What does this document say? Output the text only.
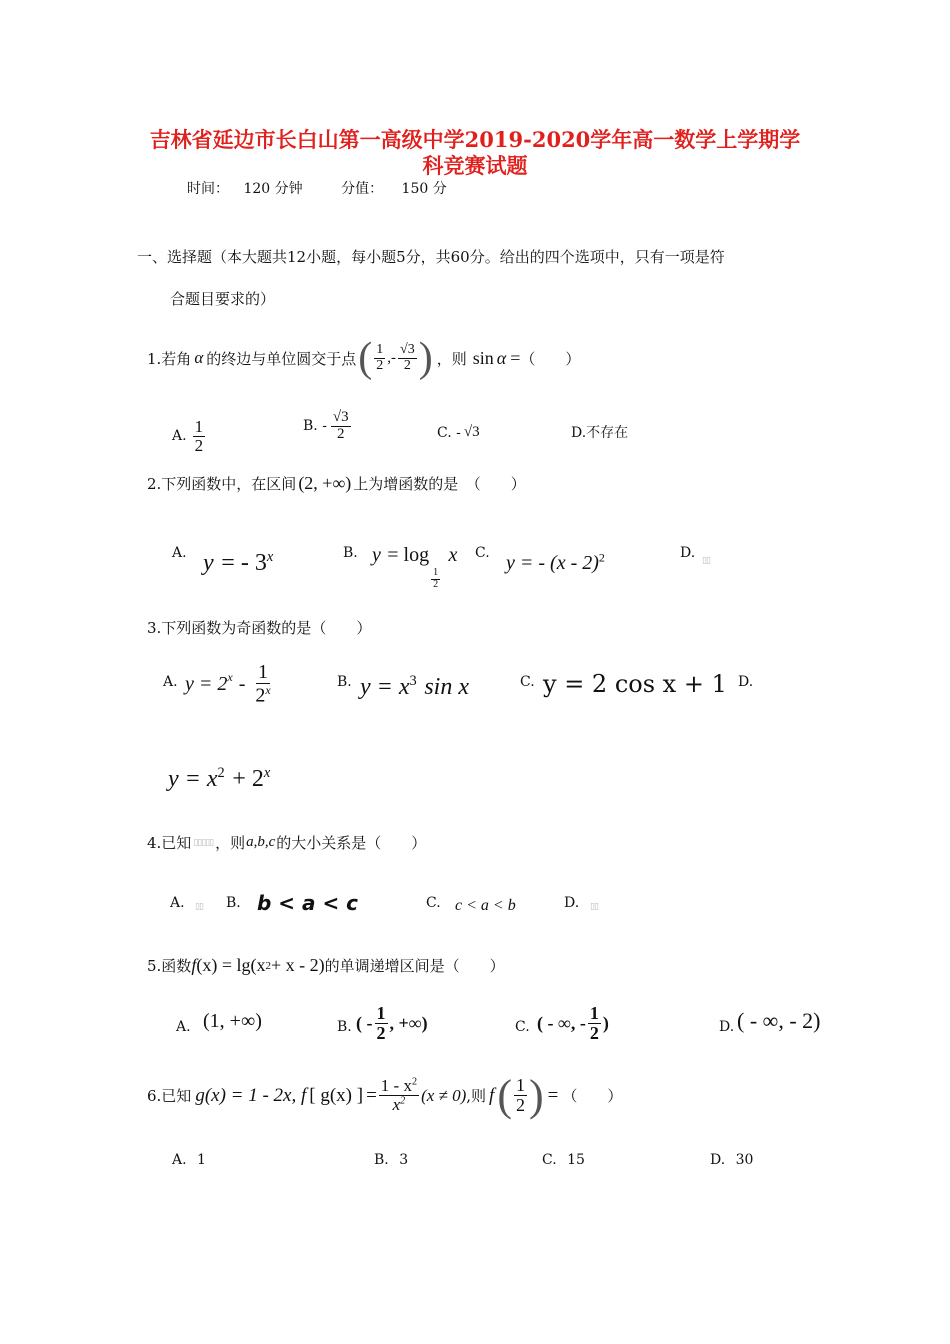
吉林省延边市长白山第一高级中学2019-2020学年高一数学上学期学
科竞赛试题
时间： 120 分钟	分值： 150 分
一、选择题（本大题共12小题，每小题5分，共60分。给出的四个选项中，只有一项是符
合题目要求的）
1.若角 α 的终边与单位圆交于点 ( $\frac{1}{2}$ , - $\frac{√3}{2}$ ) ，则 sin α = （　　）
A. $\frac{1}{2}$	B. - $\frac{√3}{2}$	C. - √3	D.不存在
2.下列函数中，在区间 (2, +∞) 上为增函数的是　（　　）
A. y = - 3$^x$	B. y = log
$\frac{1}{2}$
x C. y = - (x - 2)$^2$	D. ▯▯
3.下列函数为奇函数的是（　　）
A. y = 2 x - $\frac{1}{2^x}$	B. $y = x^3$ sin x	C. y = 2 cos x + 1 D.
$y = x^2 + 2^x$
4.已知 ▯▯▯▯▯ ，则 a,b,c 的大小关系是（　　）
A. ▯▯ B. b < a < c	C. c < a < b	D. ▯▯
5.函数 f (x) = lg(x 2 + x - 2) 的单调递增区间是（　　）
A. (1, +∞)	B. ( - $\frac{1}{2}$ , +∞)	C. ( - ∞, - $\frac{1}{2}$ )	D. ( - ∞, - 2)
6.已知 g(x) = 1 - 2x, f [ g(x) ] = $\frac{1 - x^2}{x^2} (x \ne 0)$ ,则 f ( $\frac{1}{2}$ ) = （　　）
A. 1	B. 3	C. 15	D. 30
